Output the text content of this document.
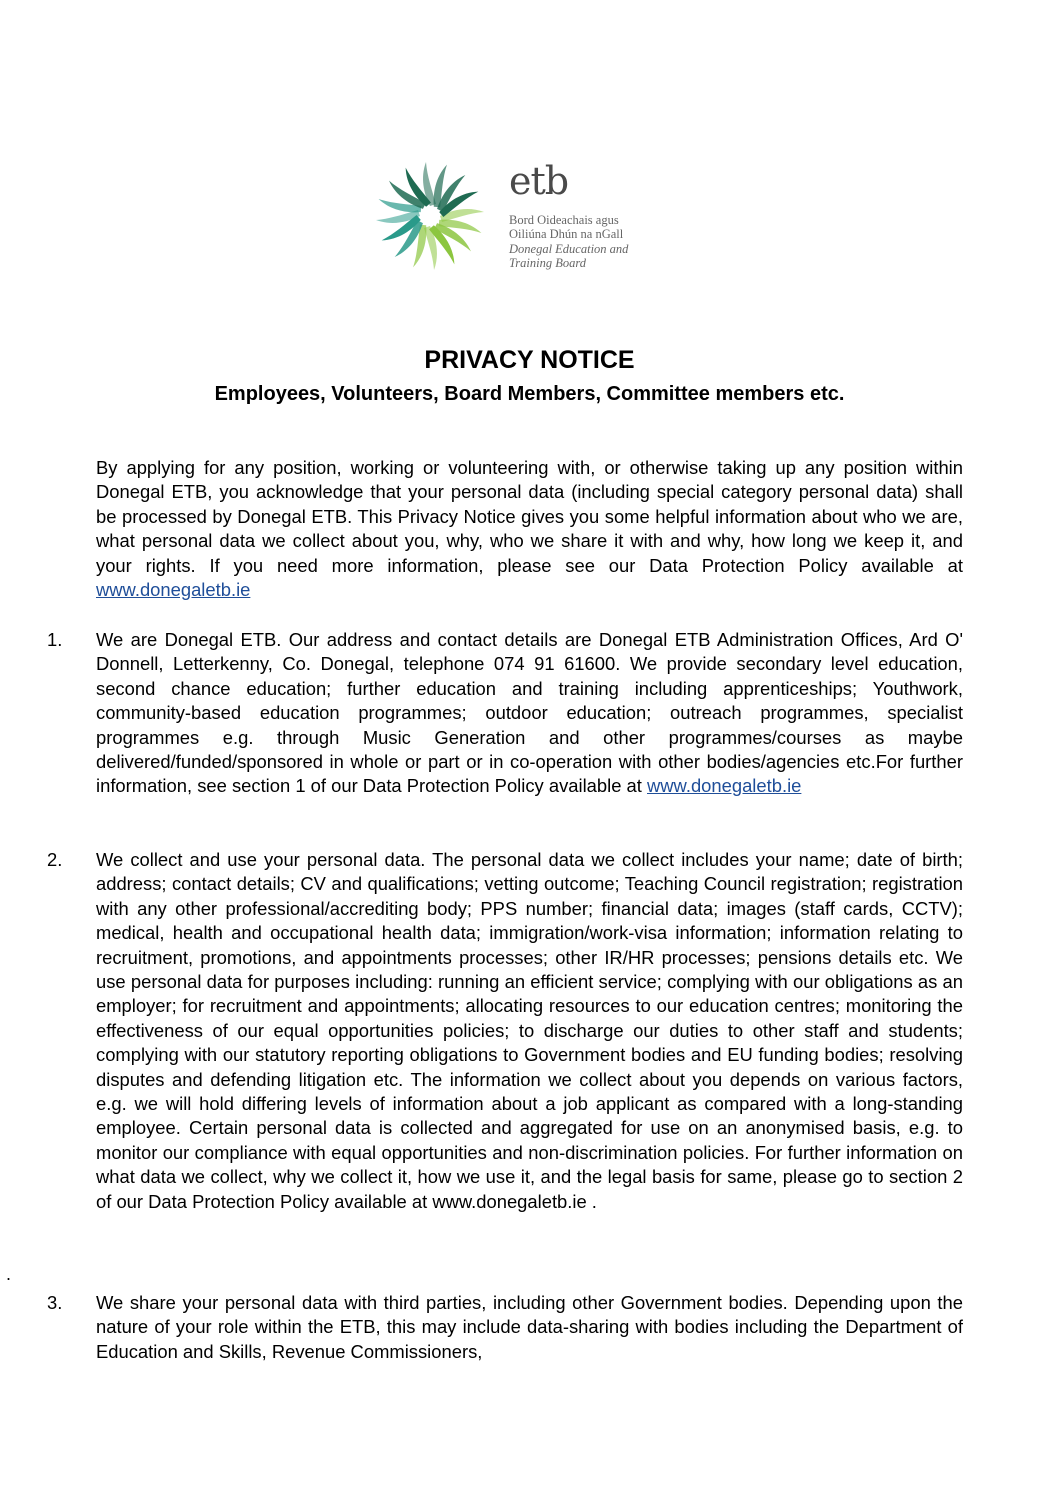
etb
Bord Oideachais agus
Oiliúna Dhún na nGall
Donegal Education and
Training Board
PRIVACY NOTICE
Employees, Volunteers, Board Members, Committee members etc.
By applying for any position, working or volunteering with, or otherwise taking up any position within Donegal ETB, you acknowledge that your personal data (including special category personal data) shall be processed by Donegal ETB. This Privacy Notice gives you some helpful information about who we are, what personal data we collect about you, why, who we share it with and why, how long we keep it, and your rights. If you need more information, please see our Data Protection Policy available at www.donegaletb.ie
1. We are Donegal ETB. Our address and contact details are Donegal ETB Administration Offices, Ard O' Donnell, Letterkenny, Co. Donegal, telephone 074 91 61600. We provide secondary level education, second chance education; further education and training including apprenticeships; Youthwork, community-based education programmes; outdoor education; outreach programmes, specialist programmes e.g. through Music Generation and other programmes/courses as maybe delivered/funded/sponsored in whole or part or in co-operation with other bodies/agencies etc.For further information, see section 1 of our Data Protection Policy available at www.donegaletb.ie
2. We collect and use your personal data. The personal data we collect includes your name; date of birth; address; contact details; CV and qualifications; vetting outcome; Teaching Council registration; registration with any other professional/accrediting body; PPS number; financial data; images (staff cards, CCTV); medical, health and occupational health data; immigration/work-visa information; information relating to recruitment, promotions, and appointments processes; other IR/HR processes; pensions details etc. We use personal data for purposes including: running an efficient service; complying with our obligations as an employer; for recruitment and appointments; allocating resources to our education centres; monitoring the effectiveness of our equal opportunities policies; to discharge our duties to other staff and students; complying with our statutory reporting obligations to Government bodies and EU funding bodies; resolving disputes and defending litigation etc. The information we collect about you depends on various factors, e.g. we will hold differing levels of information about a job applicant as compared with a long-standing employee. Certain personal data is collected and aggregated for use on an anonymised basis, e.g. to monitor our compliance with equal opportunities and non-discrimination policies. For further information on what data we collect, why we collect it, how we use it, and the legal basis for same, please go to section 2 of our Data Protection Policy available at www.donegaletb.ie .
.
3. We share your personal data with third parties, including other Government bodies. Depending upon the nature of your role within the ETB, this may include data-sharing with bodies including the Department of Education and Skills, Revenue Commissioners,
